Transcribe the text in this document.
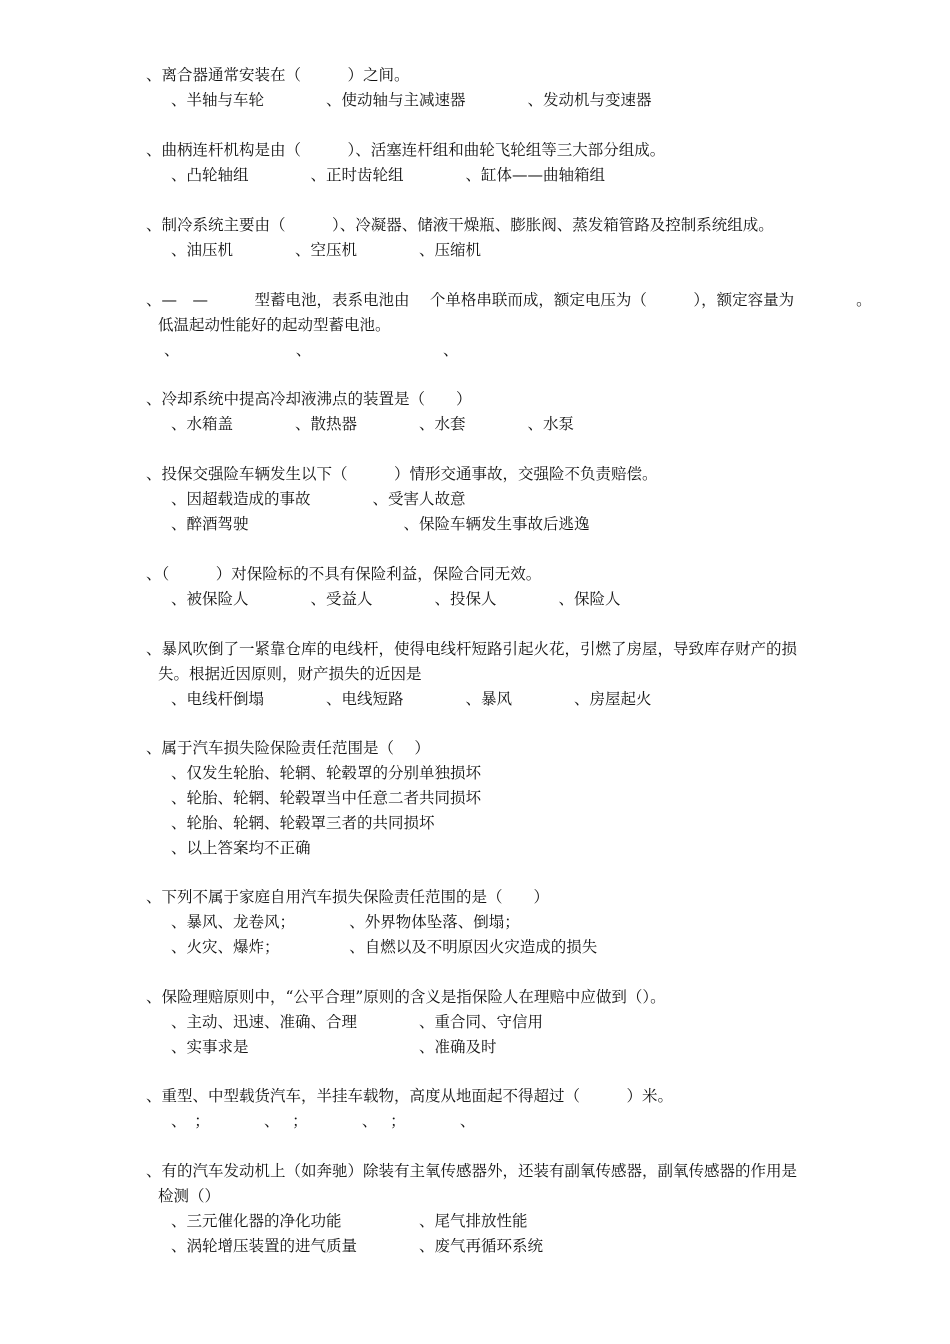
、离合器通常安装在（　　　）之间。
、半轴与车轮　　　　、使动轴与主减速器　　　　、发动机与变速器
、曲柄连杆机构是由（　　　）、活塞连杆组和曲轮飞轮组等三大部分组成。
、凸轮轴组　　　　、正时齿轮组　　　　、缸体——曲轴箱组
、制冷系统主要由（　　　）、冷凝器、储液干燥瓶、膨胀阀、蒸发箱管路及控制系统组成。
、油压机　　　　、空压机　　　　、压缩机
、—　—　　　型蓄电池，表系电池由　 个单格串联而成，额定电压为（　　　），额定容量为　　　　。
低温起动性能好的起动型蓄电池。
、　　　　　　　　、　　　　　　　　　、
、冷却系统中提高冷却液沸点的装置是（　　）
、水箱盖　　　　、散热器　　　　、水套　　　　、水泵
、投保交强险车辆发生以下（　　　）情形交通事故，交强险不负责赔偿。
、因超载造成的事故　　　　、受害人故意
、醉酒驾驶　　　　　　　　　　、保险车辆发生事故后逃逸
、（　　　）对保险标的不具有保险利益，保险合同无效。
、被保险人　　　　、受益人　　　　、投保人　　　　、保险人
、暴风吹倒了一紧靠仓库的电线杆，使得电线杆短路引起火花，引燃了房屋，导致库存财产的损
失。根据近因原则，财产损失的近因是
、电线杆倒塌　　　　、电线短路　　　　、暴风　　　　、房屋起火
、属于汽车损失险保险责任范围是（　 ）
、仅发生轮胎、轮辋、轮毂罩的分别单独损坏
、轮胎、轮辋、轮毂罩当中任意二者共同损坏
、轮胎、轮辋、轮毂罩三者的共同损坏
、以上答案均不正确
、下列不属于家庭自用汽车损失保险责任范围的是（　　）
、暴风、龙卷风；　　　　、外界物体坠落、倒塌；
、火灾、爆炸；　　　　　、自燃以及不明原因火灾造成的损失
、保险理赔原则中，“公平合理”原则的含义是指保险人在理赔中应做到（）。
、主动、迅速、准确、合理　　　　、重合同、守信用
、实事求是　　　　　　　　　　　、准确及时
、重型、中型载货汽车，半挂车载物，高度从地面起不得超过（　　　）米。
、　；　　　　、　 ；　　　　、　 ；　　　　、
、有的汽车发动机上（如奔驰）除装有主氧传感器外，还装有副氧传感器，副氧传感器的作用是
检测（）
、三元催化器的净化功能　　　　　、尾气排放性能
、涡轮增压装置的进气质量　　　　、废气再循环系统
